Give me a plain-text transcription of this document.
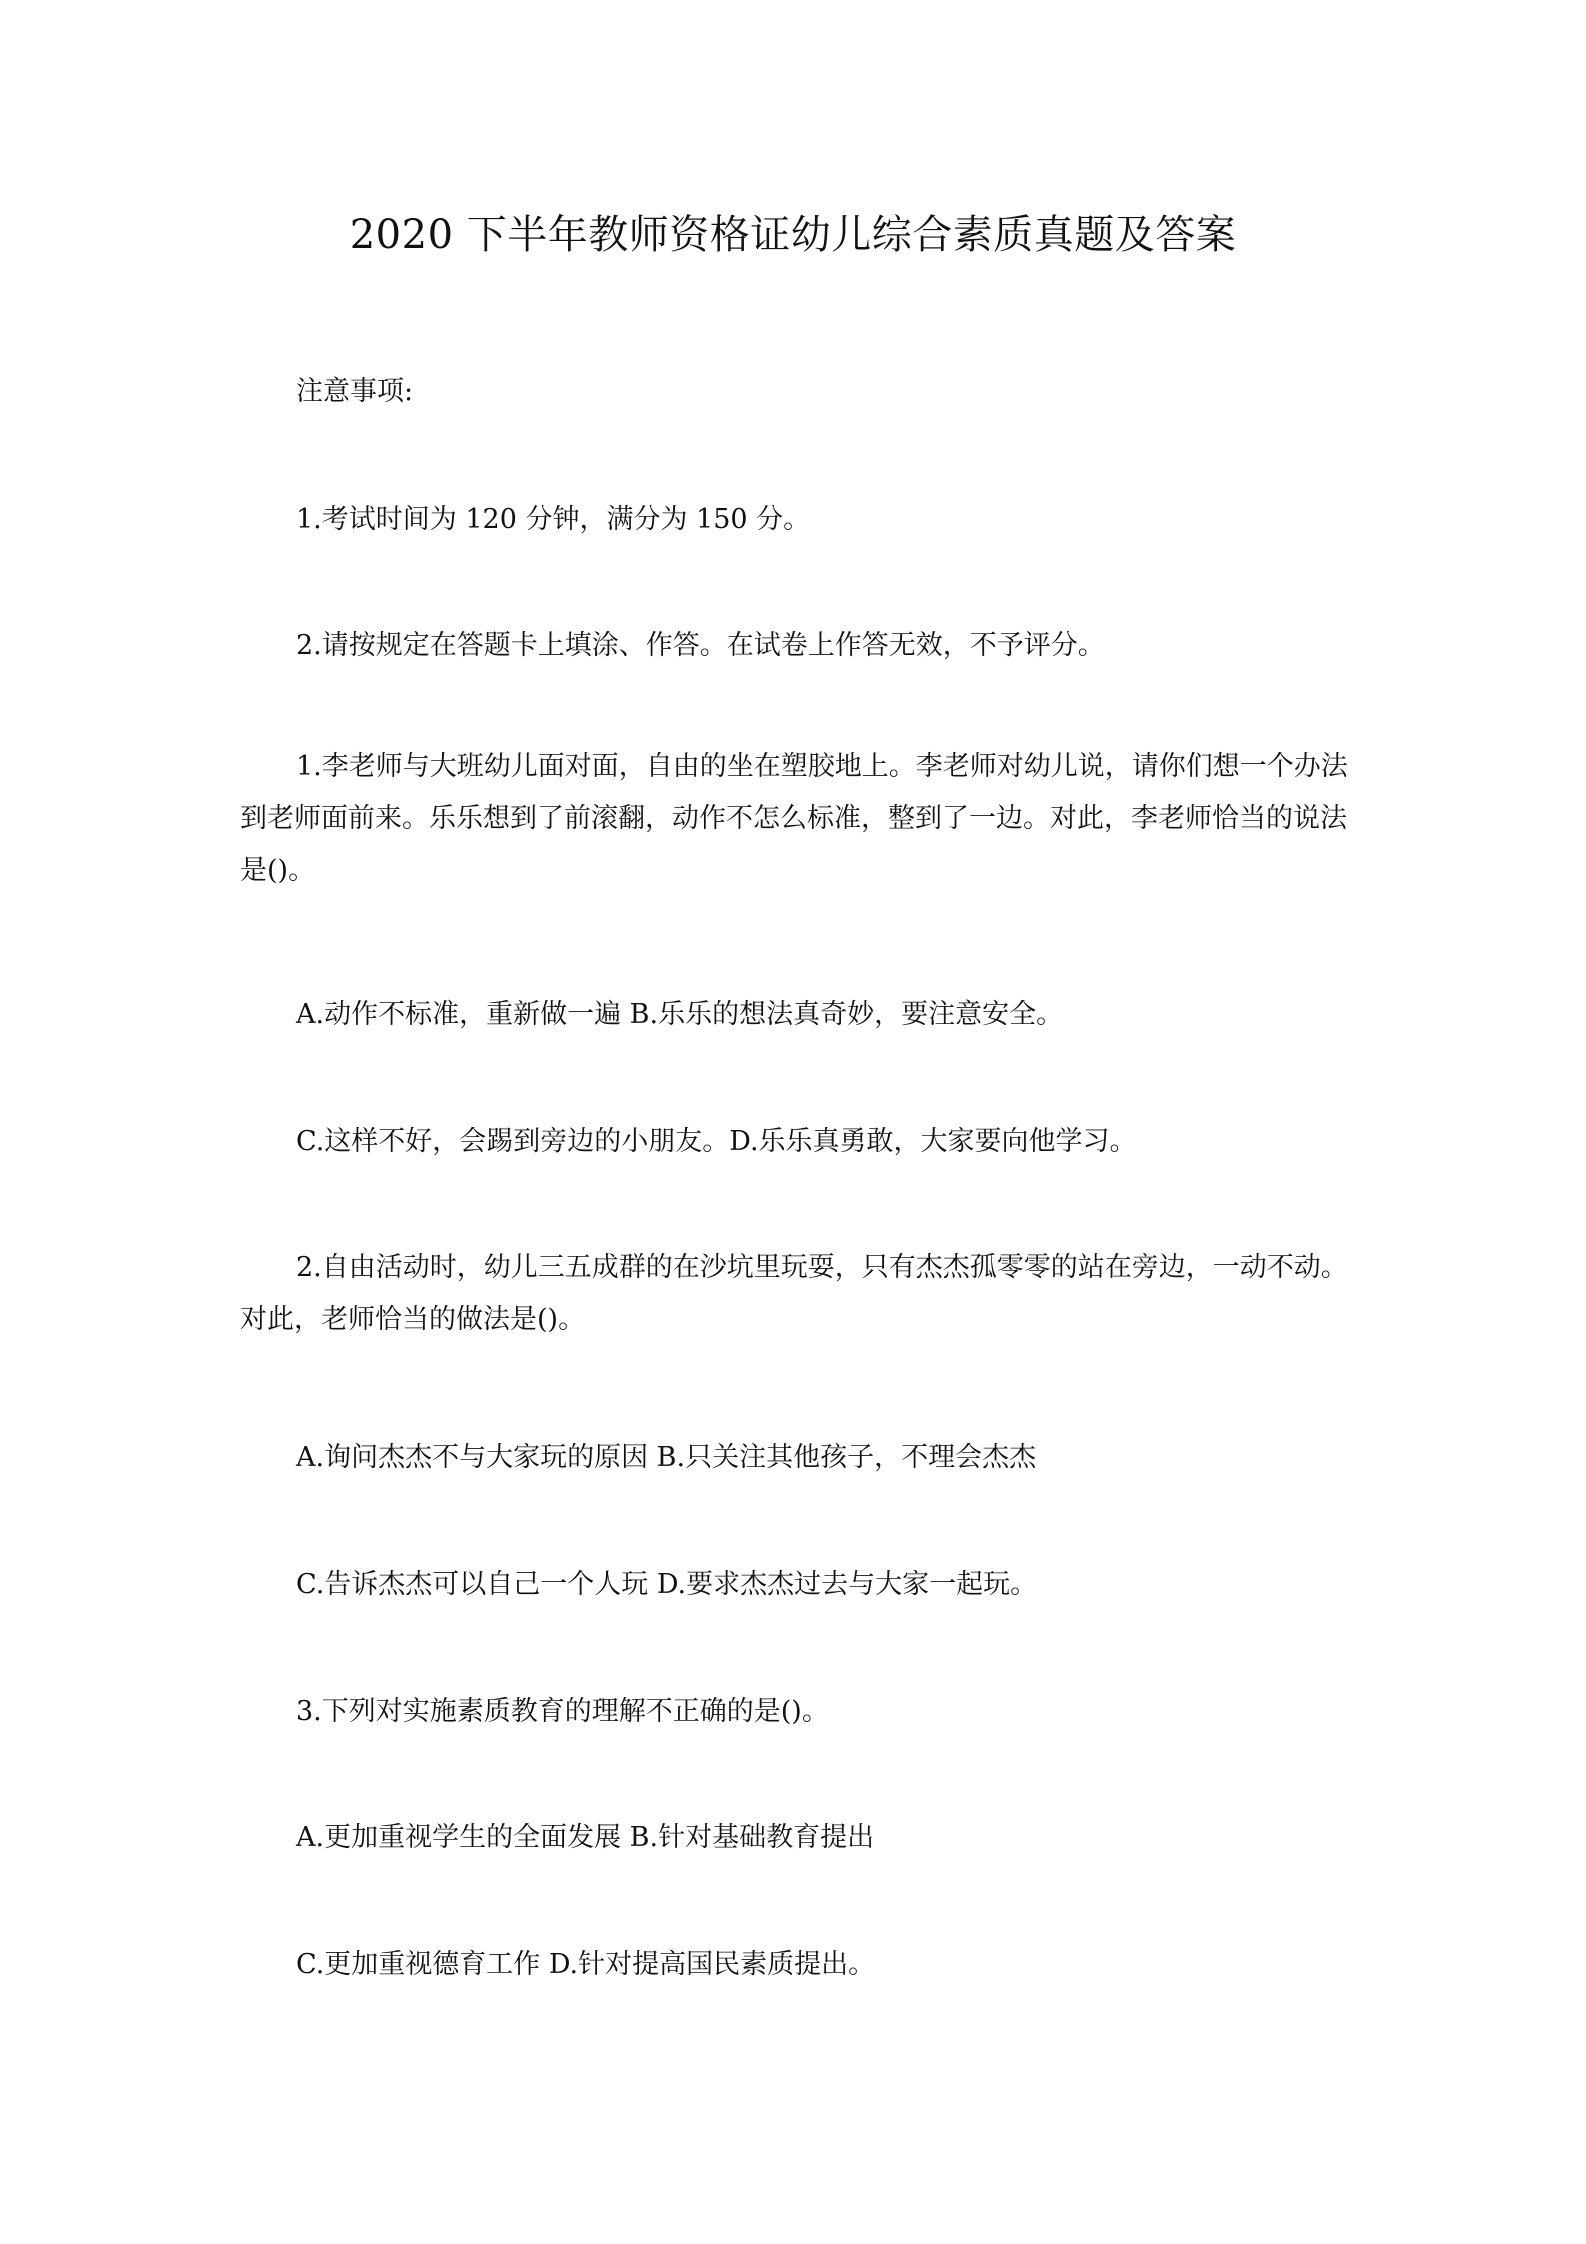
2020 下半年教师资格证幼儿综合素质真题及答案

注意事项:

1.考试时间为 120 分钟，满分为 150 分。

2.请按规定在答题卡上填涂、作答。在试卷上作答无效，不予评分。

1.李老师与大班幼儿面对面，自由的坐在塑胶地上。李老师对幼儿说，请你们想一个办法到老师面前来。乐乐想到了前滚翻，动作不怎么标准，整到了一边。对此，李老师恰当的说法是()。

A.动作不标准，重新做一遍 B.乐乐的想法真奇妙，要注意安全。

C.这样不好，会踢到旁边的小朋友。D.乐乐真勇敢，大家要向他学习。

2.自由活动时，幼儿三五成群的在沙坑里玩耍，只有杰杰孤零零的站在旁边，一动不动。对此，老师恰当的做法是()。

A.询问杰杰不与大家玩的原因 B.只关注其他孩子，不理会杰杰

C.告诉杰杰可以自己一个人玩 D.要求杰杰过去与大家一起玩。

3.下列对实施素质教育的理解不正确的是()。

A.更加重视学生的全面发展 B.针对基础教育提出

C.更加重视德育工作 D.针对提高国民素质提出。
